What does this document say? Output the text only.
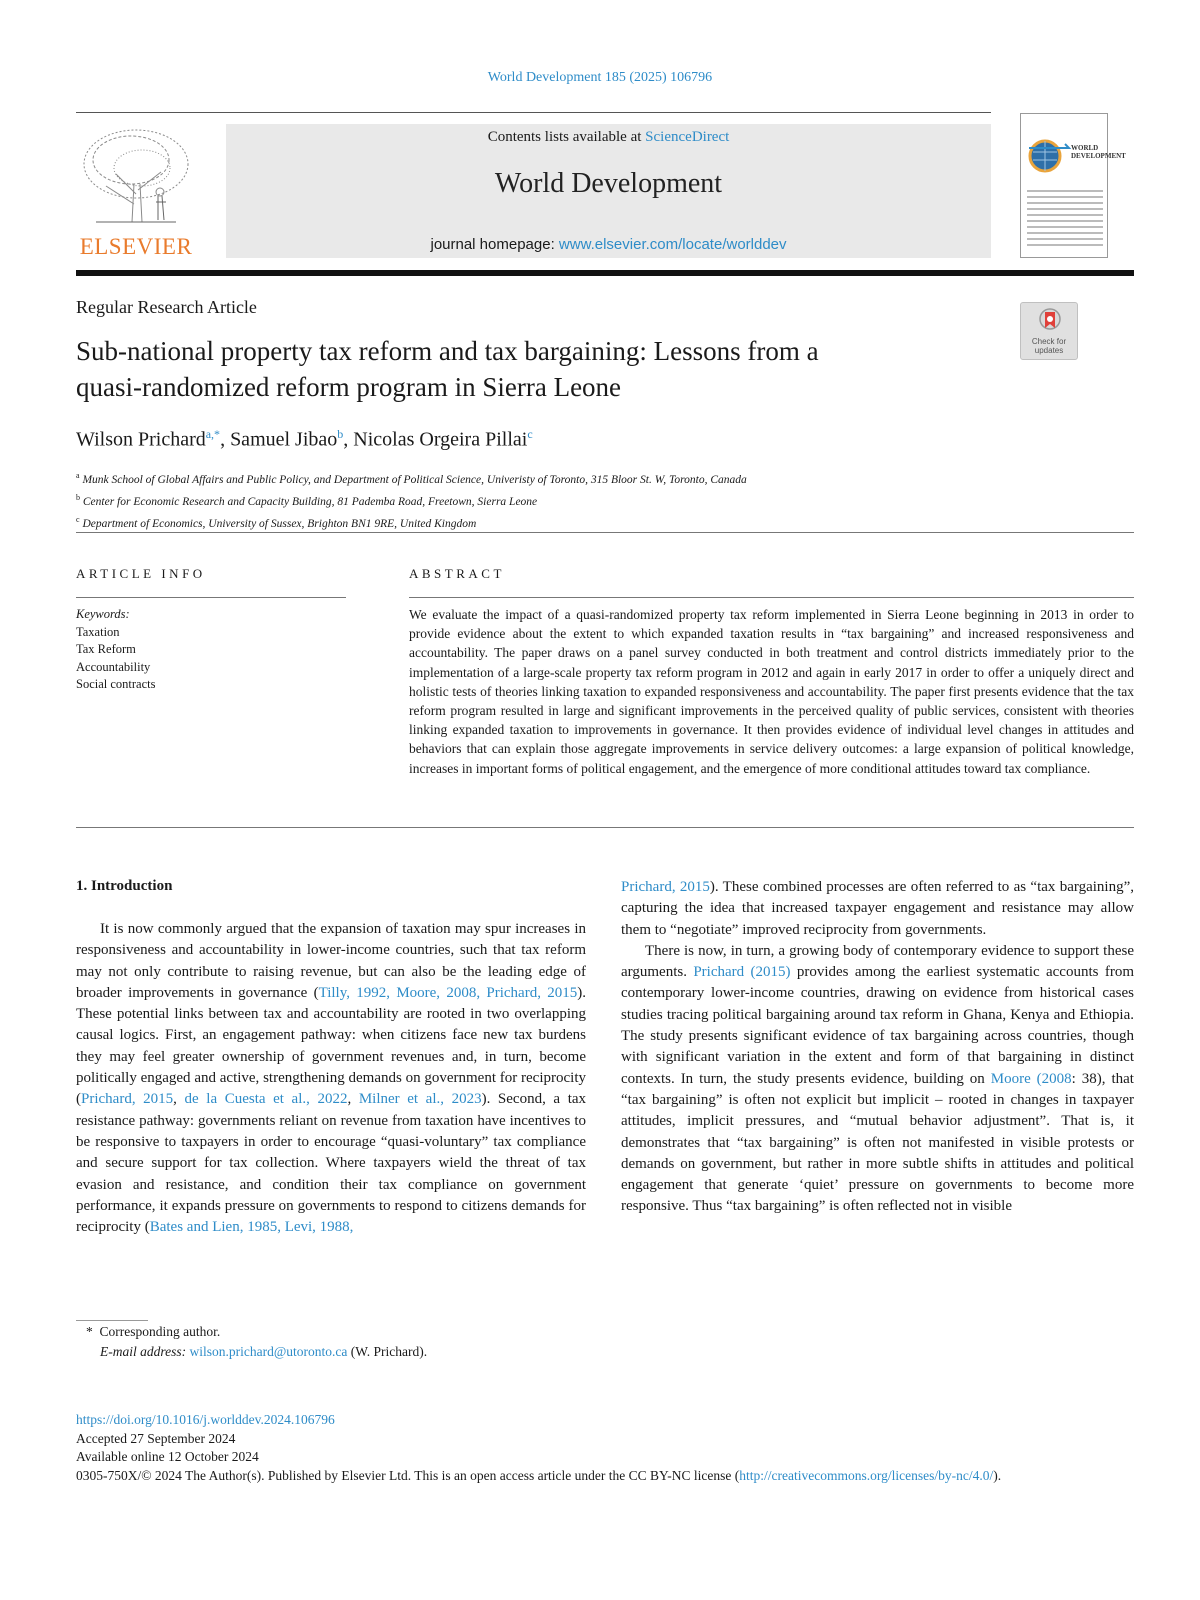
World Development 185 (2025) 106796
ELSEVIER
Contents lists available at ScienceDirect
World Development
journal homepage: www.elsevier.com/locate/worlddev
WORLD DEVELOPMENT
Regular Research Article
Check for
updates
Sub-national property tax reform and tax bargaining: Lessons from a
quasi-randomized reform program in Sierra Leone
Wilson Prichard$^{a,*}$, Samuel Jibao$^b$, Nicolas Orgeira Pillai$^c$
$^a$ Munk School of Global Affairs and Public Policy, and Department of Political Science, Univeristy of Toronto, 315 Bloor St. W, Toronto, Canada
$^b$ Center for Economic Research and Capacity Building, 81 Pademba Road, Freetown, Sierra Leone
$^c$ Department of Economics, University of Sussex, Brighton BN1 9RE, United Kingdom
ARTICLE INFO	ABSTRACT
Keywords:
Taxation
Tax Reform
Accountability
Social contracts
We evaluate the impact of a quasi-randomized property tax reform implemented in Sierra Leone beginning in 2013 in order to provide evidence about the extent to which expanded taxation results in “tax bargaining” and increased responsiveness and accountability. The paper draws on a panel survey conducted in both treatment and control districts immediately prior to the implementation of a large-scale property tax reform program in 2012 and again in early 2017 in order to offer a uniquely direct and holistic tests of theories linking taxation to expanded responsiveness and accountability. The paper first presents evidence that the tax reform program resulted in large and significant improvements in the perceived quality of public services, consistent with theories linking expanded taxation to improvements in governance. It then provides evidence of individual level changes in attitudes and behaviors that can explain those aggregate improvements in service delivery outcomes: a large expansion of political knowledge, increases in important forms of political engagement, and the emergence of more conditional attitudes toward tax compliance.
1. Introduction

It is now commonly argued that the expansion of taxation may spur increases in responsiveness and accountability in lower-income countries, such that tax reform may not only contribute to raising revenue, but can also be the leading edge of broader improvements in governance (Tilly, 1992, Moore, 2008, Prichard, 2015). These potential links between tax and accountability are rooted in two overlapping causal logics. First, an engagement pathway: when citizens face new tax burdens they may feel greater ownership of government revenues and, in turn, become politically engaged and active, strengthening demands on government for reciprocity (Prichard, 2015, de la Cuesta et al., 2022, Milner et al., 2023). Second, a tax resistance pathway: governments reliant on revenue from taxation have incentives to be responsive to taxpayers in order to encourage “quasi-voluntary” tax compliance and secure support for tax collection. Where taxpayers wield the threat of tax evasion and resistance, and condition their tax compliance on government performance, it expands pressure on governments to respond to citizens demands for reciprocity (Bates and Lien, 1985, Levi, 1988,

Prichard, 2015). These combined processes are often referred to as “tax bargaining”, capturing the idea that increased taxpayer engagement and resistance may allow them to “negotiate” improved reciprocity from governments.

There is now, in turn, a growing body of contemporary evidence to support these arguments. Prichard (2015) provides among the earliest systematic accounts from contemporary lower-income countries, drawing on evidence from historical cases studies tracing political bargaining around tax reform in Ghana, Kenya and Ethiopia. The study presents significant evidence of tax bargaining across countries, though with significant variation in the extent and form of that bargaining in distinct contexts. In turn, the study presents evidence, building on Moore (2008: 38), that “tax bargaining” is often not explicit but implicit – rooted in changes in taxpayer attitudes, implicit pressures, and “mutual behavior adjustment”. That is, it demonstrates that “tax bargaining” is often not manifested in visible protests or demands on government, but rather in more subtle shifts in attitudes and political engagement that generate ‘quiet’ pressure on governments to become more responsive. Thus “tax bargaining” is often reflected not in visible

* Corresponding author.
E-mail address: wilson.prichard@utoronto.ca (W. Prichard).
https://doi.org/10.1016/j.worlddev.2024.106796
Accepted 27 September 2024
Available online 12 October 2024
0305-750X/© 2024 The Author(s). Published by Elsevier Ltd. This is an open access article under the CC BY-NC license (http://creativecommons.org/licenses/by-nc/4.0/).
